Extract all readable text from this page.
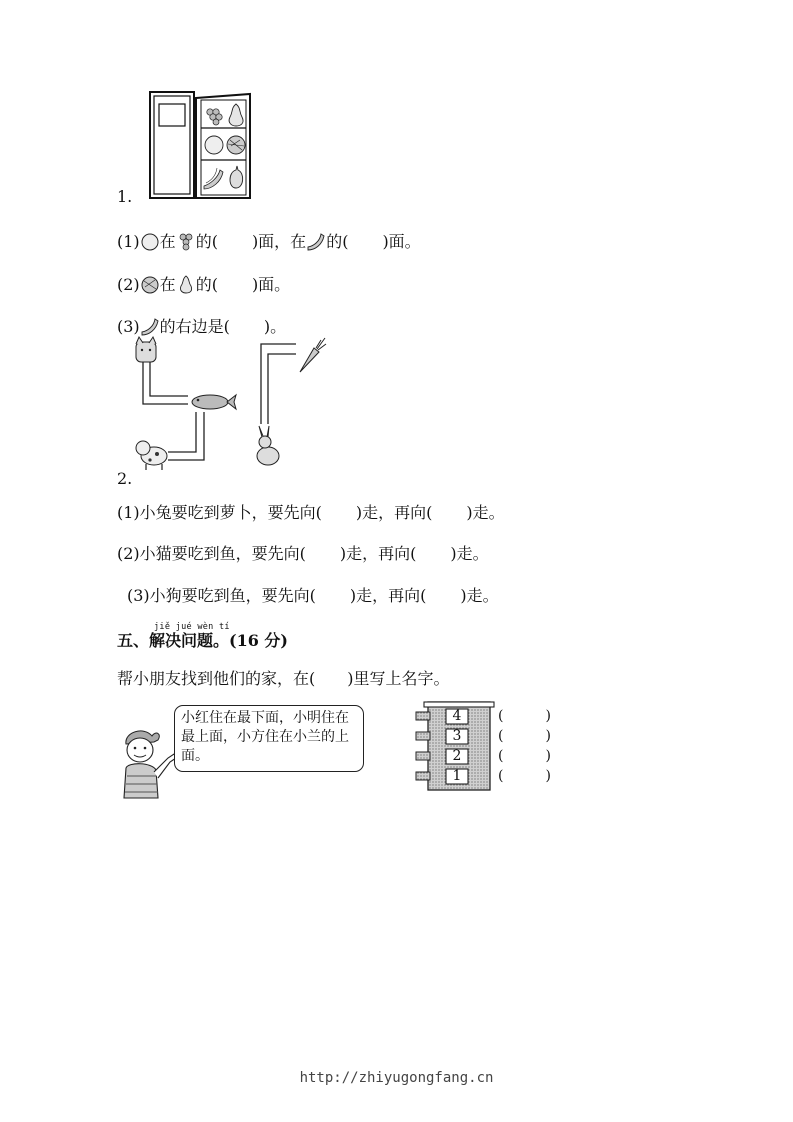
1.
(1) 在 的( )面，在 的( )面。
(2) 在 的( )面。
(3) 的右边是( )。
2.
(1)小兔要吃到萝卜，要先向( )走，再向( )走。
(2)小猫要吃到鱼，要先向( )走，再向( )走。
(3)小狗要吃到鱼，要先向( )走，再向( )走。
jiě jué wèn tí
五、解决问题。(16 分)
帮小朋友找到他们的家，在(　　)里写上名字。
小红住在最下面，小明住在最上面，小方住在小兰的上面。
4
3
2
1
(　　　)
(　　　)
(　　　)
(　　　)
http://zhiyugongfang.cn
